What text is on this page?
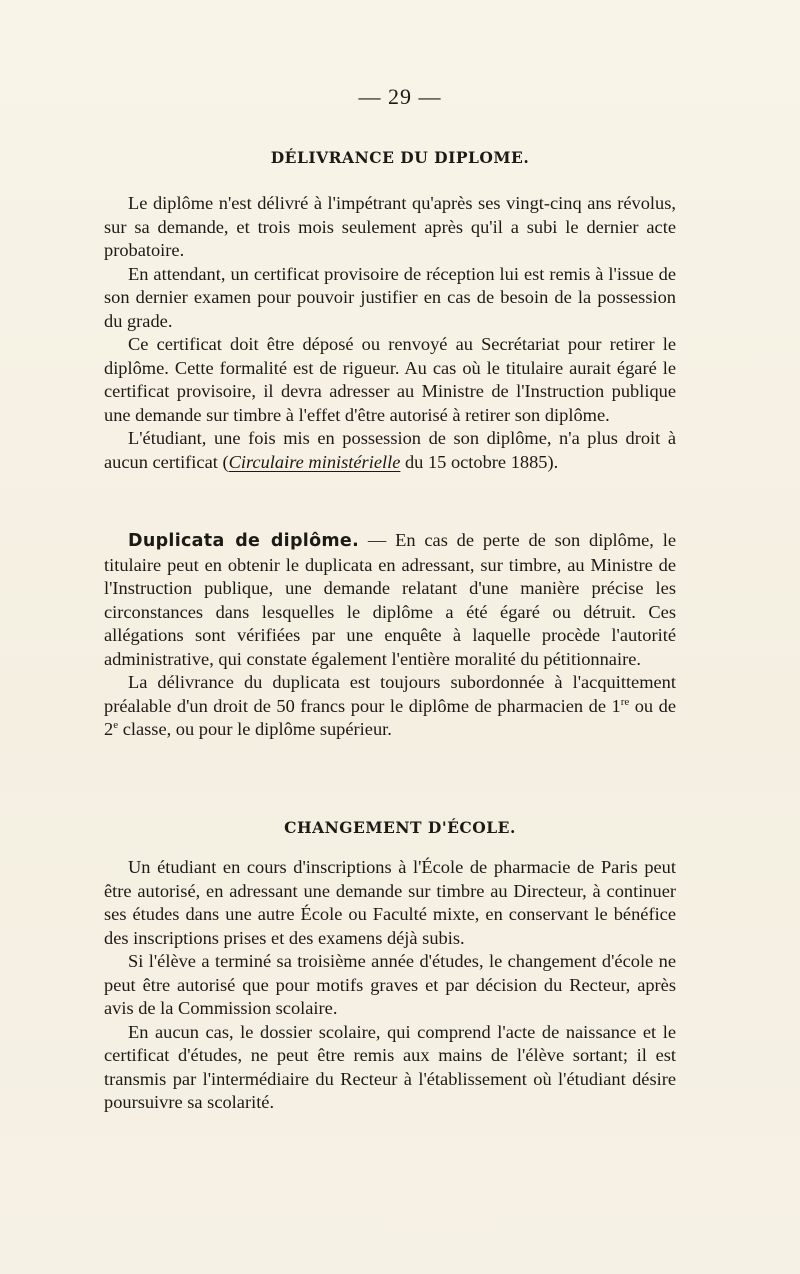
— 29 —
DÉLIVRANCE DU DIPLOME.

Le diplôme n'est délivré à l'impétrant qu'après ses vingt-cinq ans révolus, sur sa demande, et trois mois seulement après qu'il a subi le dernier acte probatoire.

En attendant, un certificat provisoire de réception lui est remis à l'issue de son dernier examen pour pouvoir justifier en cas de besoin de la possession du grade.

Ce certificat doit être déposé ou renvoyé au Secrétariat pour retirer le diplôme. Cette formalité est de rigueur. Au cas où le titulaire aurait égaré le certificat provisoire, il devra adresser au Ministre de l'Instruction publique une demande sur timbre à l'effet d'être autorisé à retirer son diplôme.

L'étudiant, une fois mis en possession de son diplôme, n'a plus droit à aucun certificat (Circulaire ministérielle du 15 octobre 1885).

Duplicata de diplôme. — En cas de perte de son diplôme, le titulaire peut en obtenir le duplicata en adressant, sur timbre, au Ministre de l'Instruction publique, une demande relatant d'une manière précise les circonstances dans lesquelles le diplôme a été égaré ou détruit. Ces allégations sont vérifiées par une enquête à laquelle procède l'autorité administrative, qui constate également l'entière moralité du pétitionnaire.

La délivrance du duplicata est toujours subordonnée à l'acquittement préalable d'un droit de 50 francs pour le diplôme de pharmacien de 1re ou de 2e classe, ou pour le diplôme supérieur.

CHANGEMENT D'ÉCOLE.

Un étudiant en cours d'inscriptions à l'École de pharmacie de Paris peut être autorisé, en adressant une demande sur timbre au Directeur, à continuer ses études dans une autre École ou Faculté mixte, en conservant le bénéfice des inscriptions prises et des examens déjà subis.

Si l'élève a terminé sa troisième année d'études, le changement d'école ne peut être autorisé que pour motifs graves et par décision du Recteur, après avis de la Commission scolaire.

En aucun cas, le dossier scolaire, qui comprend l'acte de naissance et le certificat d'études, ne peut être remis aux mains de l'élève sortant; il est transmis par l'intermédiaire du Recteur à l'établissement où l'étudiant désire poursuivre sa scolarité.
